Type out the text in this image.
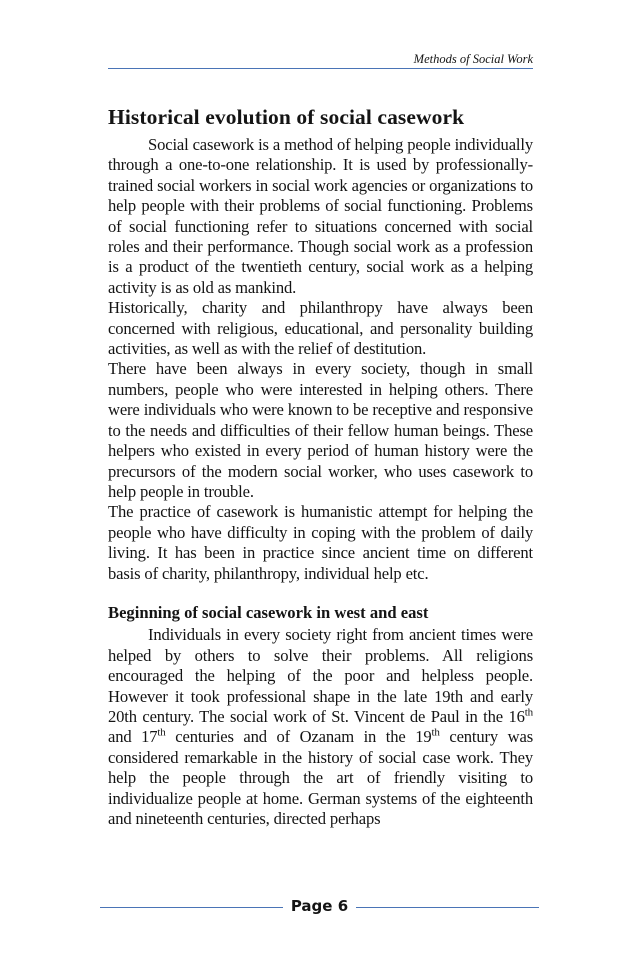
Methods of Social Work
Historical evolution of social casework

Social casework is a method of helping people individually through a one-to-one relationship. It is used by professionally-trained social workers in social work agencies or organizations to help people with their problems of social functioning. Problems of social functioning refer to situations concerned with social roles and their performance. Though social work as a profession is a product of the twentieth century, social work as a helping activity is as old as mankind.

Historically, charity and philanthropy have always been concerned with religious, educational, and personality building activities, as well as with the relief of destitution.

There have been always in every society, though in small numbers, people who were interested in helping others. There were individuals who were known to be receptive and responsive to the needs and difficulties of their fellow human beings. These helpers who existed in every period of human history were the precursors of the modern social worker, who uses casework to help people in trouble.

The practice of casework is humanistic attempt for helping the people who have difficulty in coping with the problem of daily living. It has been in practice since ancient time on different basis of charity, philanthropy, individual help etc.

Beginning of social casework in west and east

Individuals in every society right from ancient times were helped by others to solve their problems. All religions encouraged the helping of the poor and helpless people. However it took professional shape in the late 19th and early 20th century. The social work of St. Vincent de Paul in the 16th and 17th centuries and of Ozanam in the 19th century was considered remarkable in the history of social case work. They help the people through the art of friendly visiting to individualize people at home. German systems of the eighteenth and nineteenth centuries, directed perhaps

Page 6
